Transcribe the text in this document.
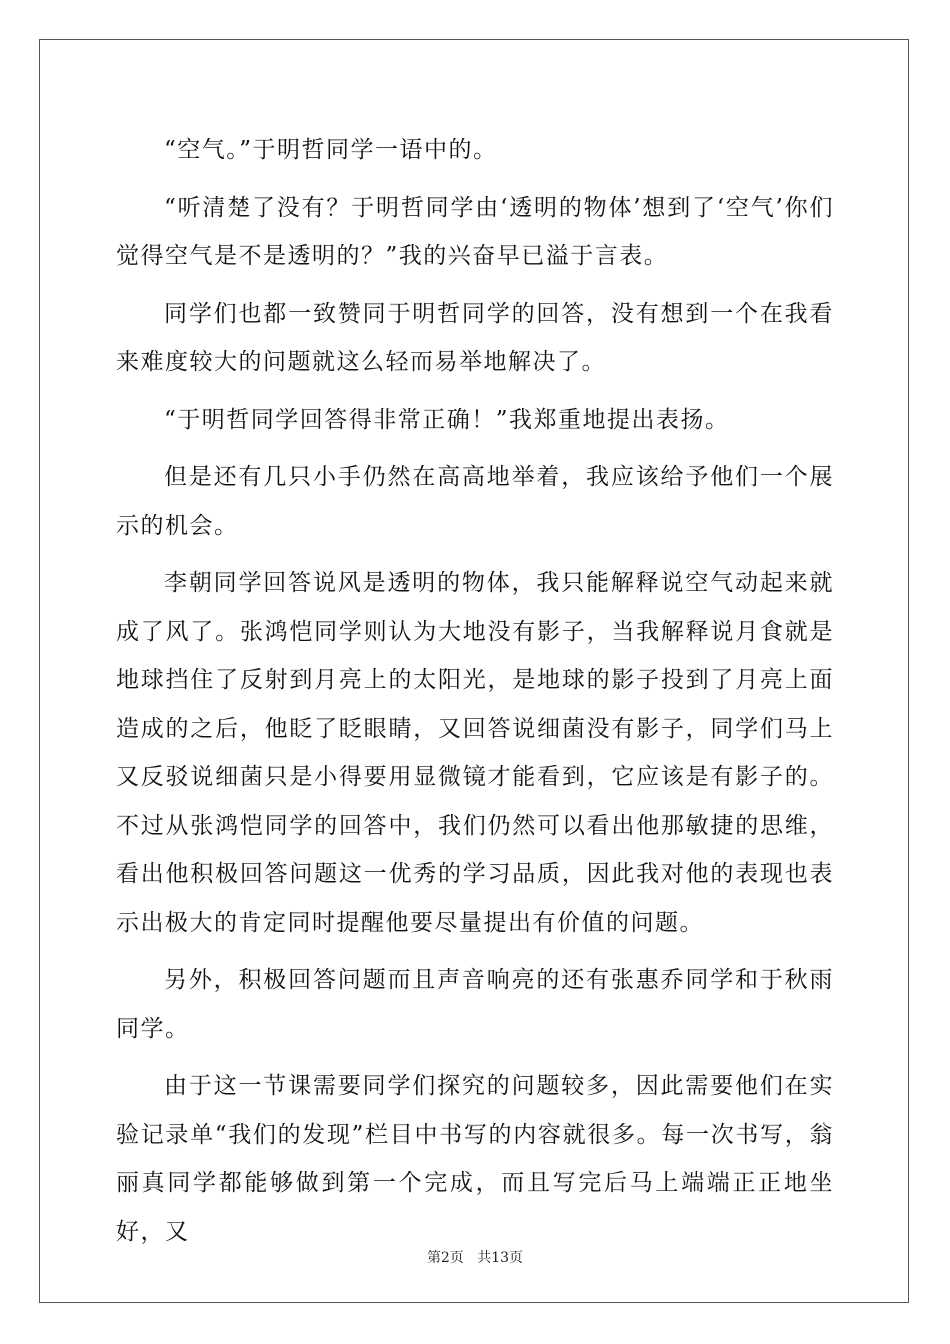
“空气。”于明哲同学一语中的。

“听清楚了没有？于明哲同学由‘透明的物体’想到了‘空气’你们觉得空气是不是透明的？”我的兴奋早已溢于言表。

同学们也都一致赞同于明哲同学的回答，没有想到一个在我看来难度较大的问题就这么轻而易举地解决了。

“于明哲同学回答得非常正确！”我郑重地提出表扬。

但是还有几只小手仍然在高高地举着，我应该给予他们一个展示的机会。

李朝同学回答说风是透明的物体，我只能解释说空气动起来就成了风了。张鸿恺同学则认为大地没有影子，当我解释说月食就是地球挡住了反射到月亮上的太阳光，是地球的影子投到了月亮上面造成的之后，他眨了眨眼睛，又回答说细菌没有影子，同学们马上又反驳说细菌只是小得要用显微镜才能看到，它应该是有影子的。不过从张鸿恺同学的回答中，我们仍然可以看出他那敏捷的思维，看出他积极回答问题这一优秀的学习品质，因此我对他的表现也表示出极大的肯定同时提醒他要尽量提出有价值的问题。

另外，积极回答问题而且声音响亮的还有张惠乔同学和于秋雨同学。

由于这一节课需要同学们探究的问题较多，因此需要他们在实验记录单“我们的发现”栏目中书写的内容就很多。每一次书写，翁丽真同学都能够做到第一个完成，而且写完后马上端端正正地坐好，又

第2页 共13页
